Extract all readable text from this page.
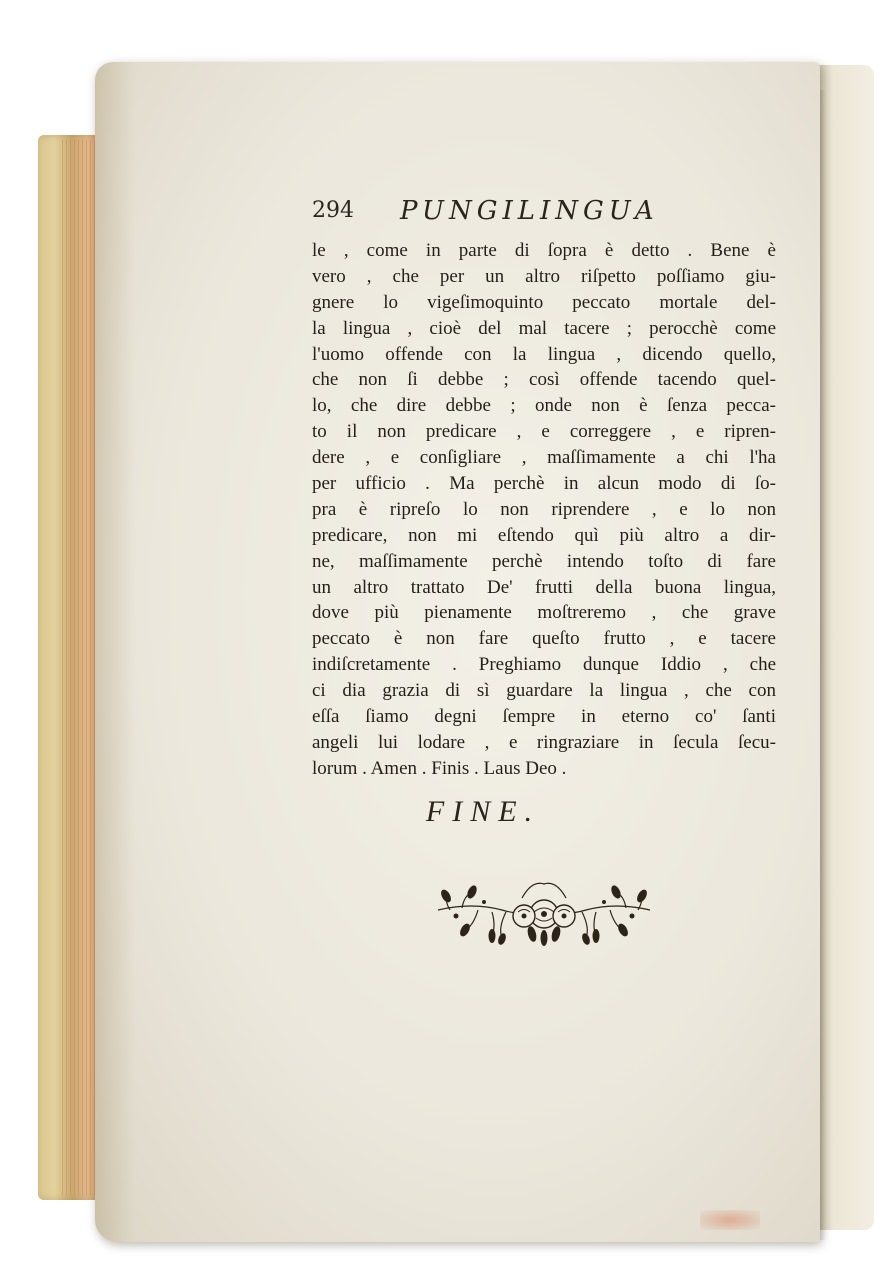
294 PUNGILINGUA
le , come in parte di ſopra è detto . Bene è
vero , che per un altro riſpetto poſſiamo giu-
gnere lo vigeſimoquinto peccato mortale del-
la lingua , cioè del mal tacere ; perocchè come
l'uomo offende con la lingua , dicendo quello,
che non ſi debbe ; così offende tacendo quel-
lo, che dire debbe ; onde non è ſenza pecca-
to il non predicare , e correggere , e ripren-
dere , e conſigliare , maſſimamente a chi l'ha
per ufficio . Ma perchè in alcun modo di ſo-
pra è ripreſo lo non riprendere , e lo non
predicare, non mi eſtendo quì più altro a dir-
ne, maſſimamente perchè intendo toſto di fare
un altro trattato De' frutti della buona lingua,
dove più pienamente moſtreremo , che grave
peccato è non fare queſto frutto , e tacere
indiſcretamente . Preghiamo dunque Iddio , che
ci dia grazia di sì guardare la lingua , che con
eſſa ſiamo degni ſempre in eterno co' ſanti
angeli lui lodare , e ringraziare in ſecula ſecu-
lorum . Amen . Finis . Laus Deo .
FINE.
